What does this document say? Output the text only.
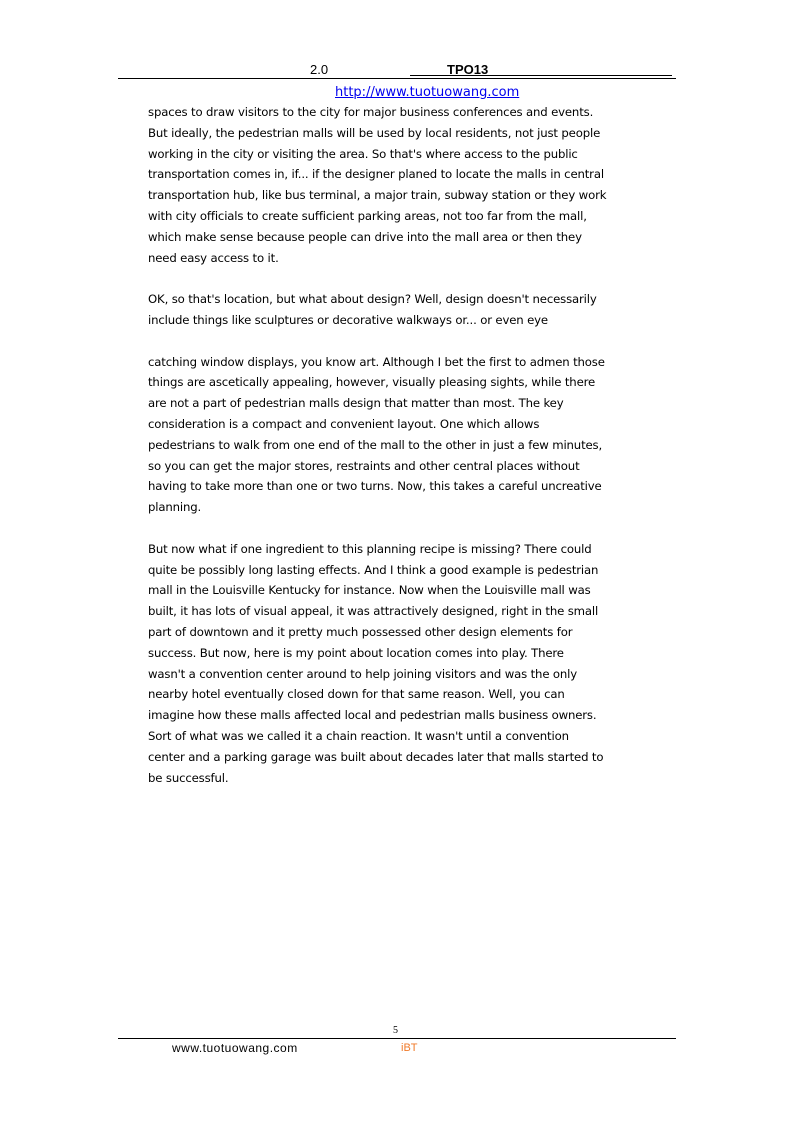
2.0	TPO13
http://www.tuotuowang.com

spaces to draw visitors to the city for major business conferences and events.
But ideally, the pedestrian malls will be used by local residents, not just people
working in the city or visiting the area. So that's where access to the public
transportation comes in, if... if the designer planed to locate the malls in central
transportation hub, like bus terminal, a major train, subway station or they work
with city officials to create sufficient parking areas, not too far from the mall,
which make sense because people can drive into the mall area or then they
need easy access to it.

OK, so that's location, but what about design? Well, design doesn't necessarily
include things like sculptures or decorative walkways or... or even eye

catching window displays, you know art. Although I bet the first to admen those
things are ascetically appealing, however, visually pleasing sights, while there
are not a part of pedestrian malls design that matter than most. The key
consideration is a compact and convenient layout. One which allows
pedestrians to walk from one end of the mall to the other in just a few minutes,
so you can get the major stores, restraints and other central places without
having to take more than one or two turns. Now, this takes a careful uncreative
planning.

But now what if one ingredient to this planning recipe is missing? There could
quite be possibly long lasting effects. And I think a good example is pedestrian
mall in the Louisville Kentucky for instance. Now when the Louisville mall was
built, it has lots of visual appeal, it was attractively designed, right in the small
part of downtown and it pretty much possessed other design elements for
success. But now, here is my point about location comes into play. There
wasn't a convention center around to help joining visitors and was the only
nearby hotel eventually closed down for that same reason. Well, you can
imagine how these malls affected local and pedestrian malls business owners.
Sort of what was we called it a chain reaction. It wasn't until a convention
center and a parking garage was built about decades later that malls started to
be successful.

5
www.tuotuowang.com	iBT
